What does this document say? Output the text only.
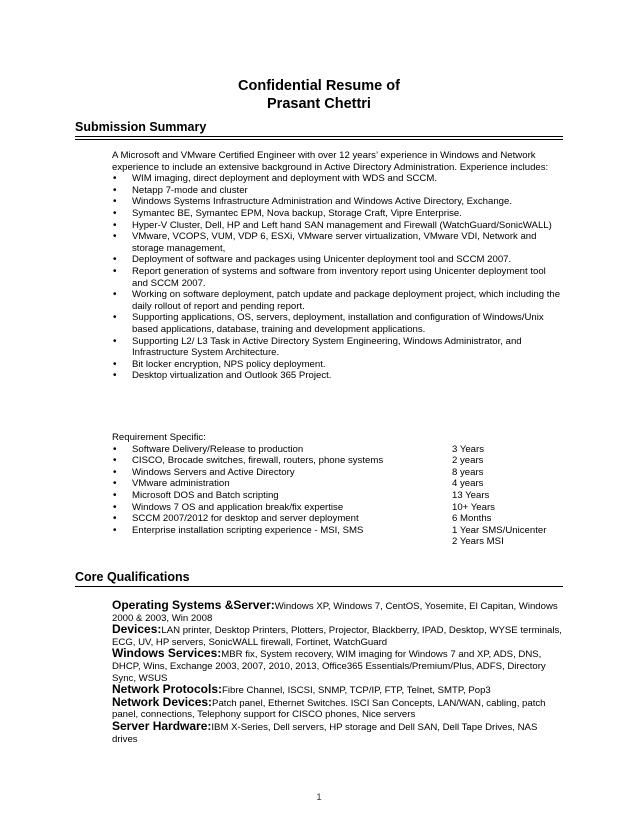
Confidential Resume of
Prasant Chettri
Submission Summary
A Microsoft and VMware Certified Engineer with over 12 years’ experience in Windows and Network experience to include an extensive background in Active Directory Administration. Experience includes:
• WIM imaging, direct deployment and deployment with WDS and SCCM.
• Netapp 7-mode and cluster
• Windows Systems Infrastructure Administration and Windows Active Directory, Exchange.
• Symantec BE, Symantec EPM, Nova backup, Storage Craft, Vipre Enterprise.
• Hyper-V Cluster, Dell, HP and Left hand SAN management and Firewall (WatchGuard/SonicWALL)
• VMware, VCOPS, VUM, VDP 6, ESXi, VMware server virtualization, VMware VDI, Network and storage management,
• Deployment of software and packages using Unicenter deployment tool and SCCM 2007.
• Report generation of systems and software from inventory report using Unicenter deployment tool and SCCM 2007.
• Working on software deployment, patch update and package deployment project, which including the daily rollout of report and pending report.
• Supporting applications, OS, servers, deployment, installation and configuration of Windows/Unix based applications, database, training and development applications.
• Supporting L2/ L3 Task in Active Directory System Engineering, Windows Administrator, and Infrastructure System Architecture.
• Bit locker encryption, NPS policy deployment.
• Desktop virtualization and Outlook 365 Project.
Requirement Specific:
• Software Delivery/Release to production	3 Years
• CISCO, Brocade switches, firewall, routers, phone systems	2 years
• Windows Servers and Active Directory	8 years
• VMware administration	4 years
• Microsoft DOS and Batch scripting	13 Years
• Windows 7 OS and application break/fix expertise	10+ Years
• SCCM 2007/2012 for desktop and server deployment	6 Months
• Enterprise installation scripting experience - MSI, SMS	1 Year SMS/Unicenter
2 Years MSI
Core Qualifications
Operating Systems &Server:Windows XP, Windows 7, CentOS, Yosemite, El Capitan, Windows 2000 & 2003, Win 2008
Devices:LAN printer, Desktop Printers, Plotters, Projector, Blackberry, IPAD, Desktop, WYSE terminals, ECG, UV, HP servers, SonicWALL firewall, Fortinet, WatchGuard
Windows Services:MBR fix, System recovery, WIM imaging for Windows 7 and XP, ADS, DNS, DHCP, Wins, Exchange 2003, 2007, 2010, 2013, Office365 Essentials/Premium/Plus, ADFS, Directory Sync, WSUS
Network Protocols:Fibre Channel, ISCSI, SNMP, TCP/IP, FTP, Telnet, SMTP, Pop3
Network Devices:Patch panel, Ethernet Switches. ISCI San Concepts, LAN/WAN, cabling, patch panel, connections, Telephony support for CISCO phones, Nice servers
Server Hardware:IBM X-Series, Dell servers, HP storage and Dell SAN, Dell Tape Drives, NAS drives
1
